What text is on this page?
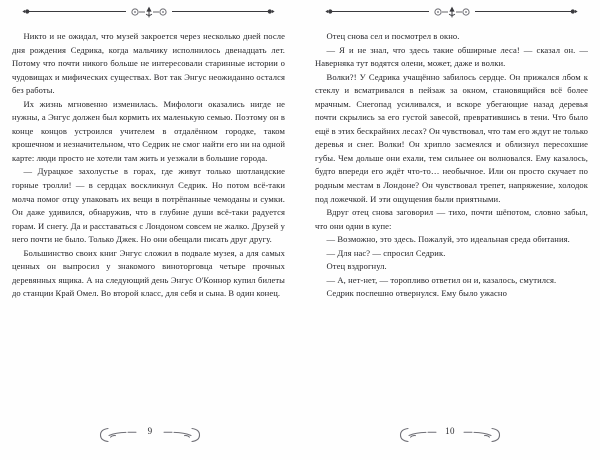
Никто и не ожидал, что музей закроется через несколько дней после дня рождения Седрика, когда мальчику исполнилось двенадцать лет. Потому что почти никого больше не интересовали старинные истории о чудовищах и мифических существах. Вот так Энгус неожиданно остался без работы.

Их жизнь мгновенно изменилась. Мифологи оказались нигде не нужны, а Энгус должен был кормить их маленькую семью. Поэтому он в конце концов устроился учителем в отдалённом городке, таком крошечном и незначительном, что Седрик не смог найти его ни на одной карте: люди просто не хотели там жить и уезжали в большие города.

— Дурацкое захолустье в горах, где живут только шотландские горные тролли! — в сердцах воскликнул Седрик. Но потом всё-таки молча помог отцу упаковать их вещи в потрёпанные чемоданы и сумки. Он даже удивился, обнаружив, что в глубине души всё-таки радуется горам. И снегу. Да и расставаться с Лондоном совсем не жалко. Друзей у него почти не было. Только Джек. Но они обещали писать друг другу.

Большинство своих книг Энгус сложил в подвале музея, а для самых ценных он выпросил у знакомого виноторговца четыре прочных деревянных ящика. А на следующий день Энгус О'Коннор купил билеты до станции Край Омел. Во второй класс, для себя и сына. В один конец.

9

Отец снова сел и посмотрел в окно.

— Я и не знал, что здесь такие обширные леса! — сказал он. — Наверняка тут водятся олени, может, даже и волки.

Волки?! У Седрика учащённо забилось сердце. Он прижался лбом к стеклу и всматривался в пейзаж за окном, становящийся всё более мрачным. Снегопад усиливался, и вскоре убегающие назад деревья почти скрылись за его густой завесой, превратившись в тени. Что было ещё в этих бескрайних лесах? Он чувствовал, что там его ждут не только деревья и снег. Волки! Он хрипло засмеялся и облизнул пересохшие губы. Чем дольше они ехали, тем сильнее он волновался. Ему казалось, будто впереди его ждёт что-то… необычное. Или он просто скучает по родным местам в Лондоне? Он чувствовал трепет, напряжение, холодок под ложечкой. И эти ощущения были приятными.

Вдруг отец снова заговорил — тихо, почти шёпотом, словно забыл, что они одни в купе:

— Возможно, это здесь. Пожалуй, это идеальная среда обитания.

— Для нас? — спросил Седрик.

Отец вздрогнул.

— А, нет-нет, — торопливо ответил он и, казалось, смутился.

Седрик поспешно отвернулся. Ему было ужасно

10
